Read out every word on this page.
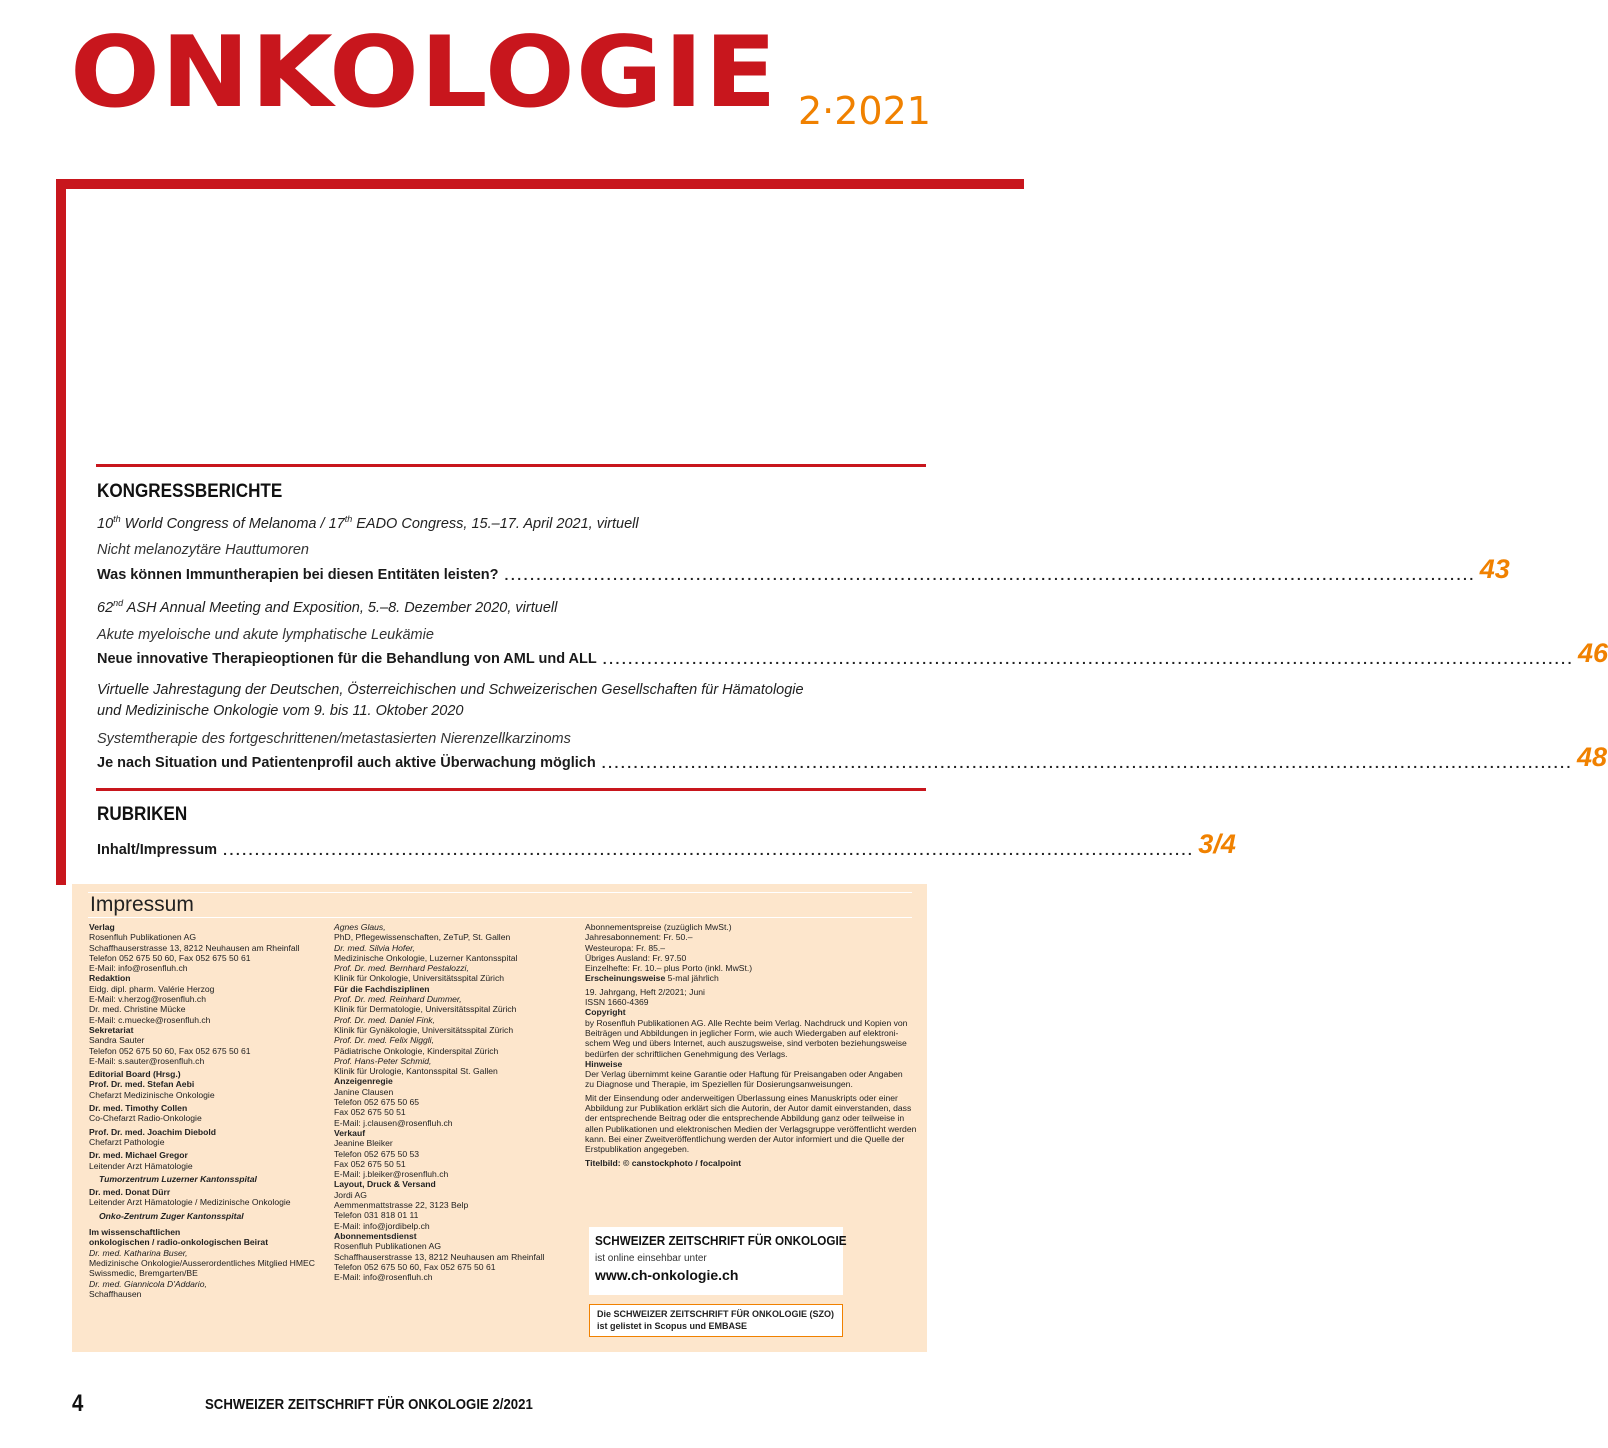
ONKOLOGIE 2·2021
KONGRESSBERICHTE
10th World Congress of Melanoma / 17th EADO Congress, 15.–17. April 2021, virtuell
Nicht melanozytäre Hauttumoren
Was können Immuntherapien bei diesen Entitäten leisten? ........................................................................................................................................................ 43
62nd ASH Annual Meeting and Exposition, 5.–8. Dezember 2020, virtuell
Akute myeloische und akute lymphatische Leukämie
Neue innovative Therapieoptionen für die Behandlung von AML und ALL ........................................................................................................................................................ 46
Virtuelle Jahrestagung der Deutschen, Österreichischen und Schweizerischen Gesellschaften für Hämatologie
und Medizinische Onkologie vom 9. bis 11. Oktober 2020
Systemtherapie des fortgeschrittenen/metastasierten Nierenzellkarzinoms
Je nach Situation und Patientenprofil auch aktive Überwachung möglich ........................................................................................................................................................ 48
RUBRIKEN
Inhalt/Impressum ........................................................................................................................................................ 3/4
Impressum
Verlag
Rosenfluh Publikationen AG
Schaffhauserstrasse 13, 8212 Neuhausen am Rheinfall
Telefon 052 675 50 60, Fax 052 675 50 61
E-Mail: info@rosenfluh.ch
Redaktion
Eidg. dipl. pharm. Valérie Herzog
E-Mail: v.herzog@rosenfluh.ch
Dr. med. Christine Mücke
E-Mail: c.muecke@rosenfluh.ch
Sekretariat
Sandra Sauter
Telefon 052 675 50 60, Fax 052 675 50 61
E-Mail: s.sauter@rosenfluh.ch
Editorial Board (Hrsg.)
Prof. Dr. med. Stefan Aebi
Chefarzt Medizinische Onkologie
Dr. med. Timothy Collen
Co-Chefarzt Radio-Onkologie
Prof. Dr. med. Joachim Diebold
Chefarzt Pathologie
Dr. med. Michael Gregor
Leitender Arzt Hämatologie
Tumorzentrum Luzerner Kantonsspital
Dr. med. Donat Dürr
Leitender Arzt Hämatologie / Medizinische Onkologie
Onko-Zentrum Zuger Kantonsspital
Im wissenschaftlichen
onkologischen / radio-onkologischen Beirat
Dr. med. Katharina Buser,
Medizinische Onkologie/Ausserordentliches Mitglied HMEC
Swissmedic, Bremgarten/BE
Dr. med. Giannicola D'Addario,
Schaffhausen
Agnes Glaus,
PhD, Pflegewissenschaften, ZeTuP, St. Gallen
Dr. med. Silvia Hofer,
Medizinische Onkologie, Luzerner Kantonsspital
Prof. Dr. med. Bernhard Pestalozzi,
Klinik für Onkologie, Universitätsspital Zürich
Für die Fachdisziplinen
Prof. Dr. med. Reinhard Dummer,
Klinik für Dermatologie, Universitätsspital Zürich
Prof. Dr. med. Daniel Fink,
Klinik für Gynäkologie, Universitätsspital Zürich
Prof. Dr. med. Felix Niggli,
Pädiatrische Onkologie, Kinderspital Zürich
Prof. Hans-Peter Schmid,
Klinik für Urologie, Kantonsspital St. Gallen
Anzeigenregie
Janine Clausen
Telefon 052 675 50 65
Fax 052 675 50 51
E-Mail: j.clausen@rosenfluh.ch
Verkauf
Jeanine Bleiker
Telefon 052 675 50 53
Fax 052 675 50 51
E-Mail: j.bleiker@rosenfluh.ch
Layout, Druck & Versand
Jordi AG
Aemmenmattstrasse 22, 3123 Belp
Telefon 031 818 01 11
E-Mail: info@jordibelp.ch
Abonnementsdienst
Rosenfluh Publikationen AG
Schaffhauserstrasse 13, 8212 Neuhausen am Rheinfall
Telefon 052 675 50 60, Fax 052 675 50 61
E-Mail: info@rosenfluh.ch
Abonnementspreise (zuzüglich MwSt.)
Jahresabonnement: Fr. 50.–
Westeuropa: Fr. 85.–
Übriges Ausland: Fr. 97.50
Einzelhefte: Fr. 10.– plus Porto (inkl. MwSt.)
Erscheinungsweise 5-mal jährlich
19. Jahrgang, Heft 2/2021; Juni
ISSN 1660-4369
Copyright
by Rosenfluh Publikationen AG. Alle Rechte beim Verlag. Nachdruck und Kopien von
Beiträgen und Abbildungen in jeglicher Form, wie auch Wiedergaben auf elektroni-
schem Weg und übers Internet, auch auszugsweise, sind verboten beziehungsweise
bedürfen der schriftlichen Genehmigung des Verlags.
Hinweise
Der Verlag übernimmt keine Garantie oder Haftung für Preisangaben oder Angaben
zu Diagnose und Therapie, im Speziellen für Dosierungsanweisungen.
Mit der Einsendung oder anderweitigen Überlassung eines Manuskripts oder einer
Abbildung zur Publikation erklärt sich die Autorin, der Autor damit einverstanden, dass
der entsprechende Beitrag oder die entsprechende Abbildung ganz oder teilweise in
allen Publikationen und elektronischen Medien der Verlagsgruppe veröffentlicht werden
kann. Bei einer Zweitveröffentlichung werden der Autor informiert und die Quelle der
Erstpublikation angegeben.
Titelbild: © canstockphoto / focalpoint
SCHWEIZER ZEITSCHRIFT FÜR ONKOLOGIE
ist online einsehbar unter
www.ch-onkologie.ch
Die SCHWEIZER ZEITSCHRIFT FÜR ONKOLOGIE (SZO)
ist gelistet in Scopus und EMBASE
4	SCHWEIZER ZEITSCHRIFT FÜR ONKOLOGIE 2/2021
